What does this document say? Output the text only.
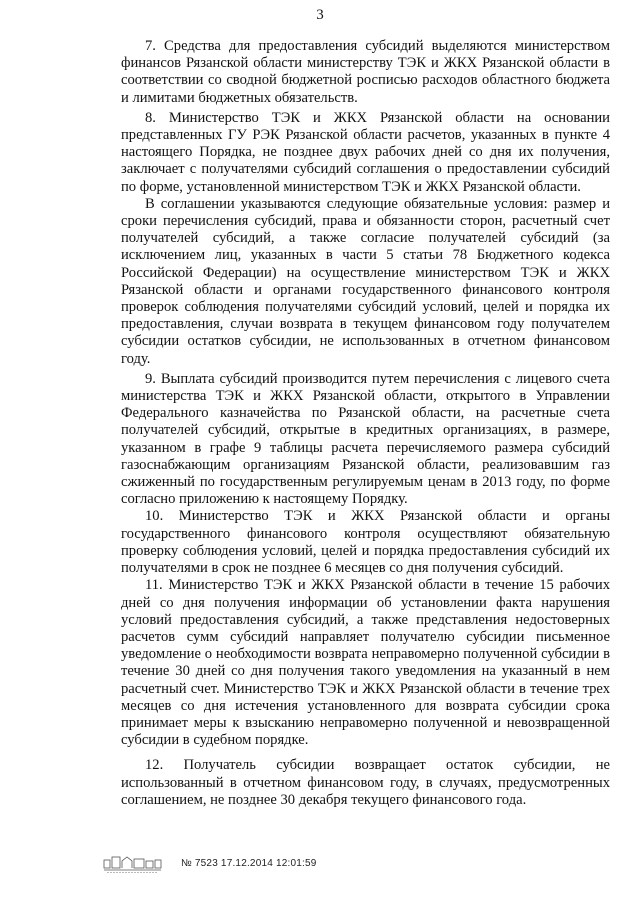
3

7. Средства для предоставления субсидий выделяются министерством финансов Рязанской области министерству ТЭК и ЖКХ Рязанской области в соответствии со сводной бюджетной росписью расходов областного бюджета и лимитами бюджетных обязательств.

8. Министерство ТЭК и ЖКХ Рязанской области на основании представленных ГУ РЭК Рязанской области расчетов, указанных в пункте 4 настоящего Порядка, не позднее двух рабочих дней со дня их получения, заключает с получателями субсидий соглашения о предоставлении субсидий по форме, установленной министерством ТЭК и ЖКХ Рязанской области.

В соглашении указываются следующие обязательные условия: размер и сроки перечисления субсидий, права и обязанности сторон, расчетный счет получателей субсидий, а также согласие получателей субсидий (за исключением лиц, указанных в части 5 статьи 78 Бюджетного кодекса Российской Федерации) на осуществление министерством ТЭК и ЖКХ Рязанской области и органами государственного финансового контроля проверок соблюдения получателями субсидий условий, целей и порядка их предоставления, случаи возврата в текущем финансовом году получателем субсидии остатков субсидии, не использованных в отчетном финансовом году.

9. Выплата субсидий производится путем перечисления с лицевого счета министерства ТЭК и ЖКХ Рязанской области, открытого в Управлении Федерального казначейства по Рязанской области, на расчетные счета получателей субсидий, открытые в кредитных организациях, в размере, указанном в графе 9 таблицы расчета перечисляемого размера субсидий газоснабжающим организациям Рязанской области, реализовавшим газ сжиженный по государственным регулируемым ценам в 2013 году, по форме согласно приложению к настоящему Порядку.

10. Министерство ТЭК и ЖКХ Рязанской области и органы государственного финансового контроля осуществляют обязательную проверку соблюдения условий, целей и порядка предоставления субсидий их получателями в срок не позднее 6 месяцев со дня получения субсидий.

11. Министерство ТЭК и ЖКХ Рязанской области в течение 15 рабочих дней со дня получения информации об установлении факта нарушения условий предоставления субсидий, а также представления недостоверных расчетов сумм субсидий направляет получателю субсидии письменное уведомление о необходимости возврата неправомерно полученной субсидии в течение 30 дней со дня получения такого уведомления на указанный в нем расчетный счет. Министерство ТЭК и ЖКХ Рязанской области в течение трех месяцев со дня истечения установленного для возврата субсидии срока принимает меры к взысканию неправомерно полученной и невозвращенной субсидии в судебном порядке.

12. Получатель субсидии возвращает остаток субсидии, не использованный в отчетном финансовом году, в случаях, предусмотренных соглашением, не позднее 30 декабря текущего финансового года.

№ 7523 17.12.2014 12:01:59
